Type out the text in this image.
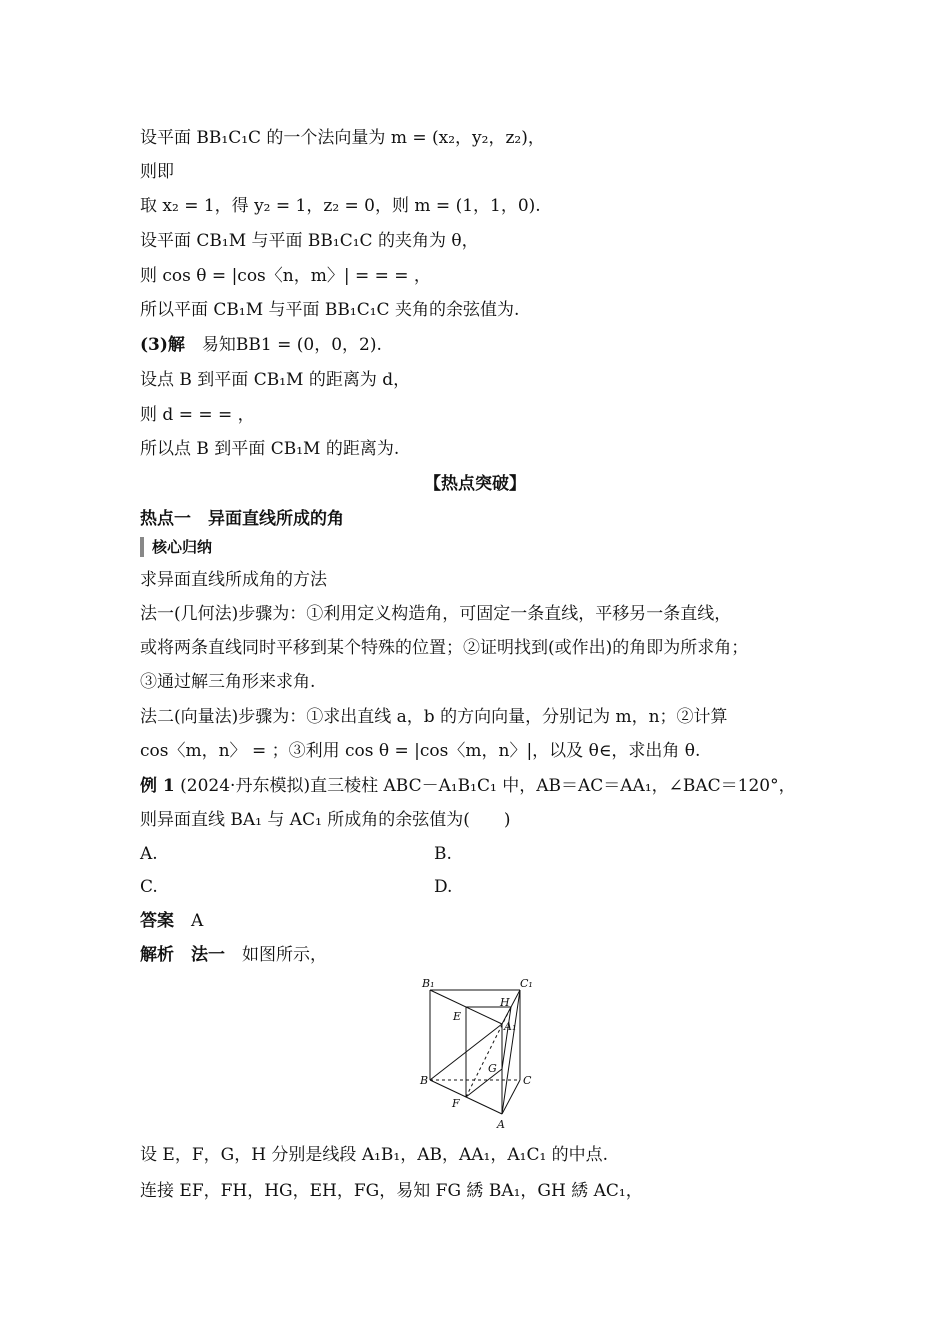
设平面 BB₁C₁C 的一个法向量为 m = (x₂，y₂，z₂)，
则即
取 x₂ = 1，得 y₂ = 1，z₂ = 0，则 m = (1，1，0).
设平面 CB₁M 与平面 BB₁C₁C 的夹角为 θ，
则 cos θ = |cos〈n，m〉| = = = ，
所以平面 CB₁M 与平面 BB₁C₁C 夹角的余弦值为.
(3)解  易知BB1 = (0，0，2).
设点 B 到平面 CB₁M 的距离为 d，
则 d = = = ，
所以点 B 到平面 CB₁M 的距离为.
【热点突破】
热点一　异面直线所成的角
核心归纳
求异面直线所成角的方法
法一(几何法)步骤为：①利用定义构造角，可固定一条直线，平移另一条直线，
或将两条直线同时平移到某个特殊的位置；②证明找到(或作出)的角即为所求角；
③通过解三角形来求角.
法二(向量法)步骤为：①求出直线 a，b 的方向向量，分别记为 m，n；②计算
cos〈m，n〉 = ；③利用 cos θ = |cos〈m，n〉|，以及 θ∈，求出角 θ.
例 1 (2024·丹东模拟)直三棱柱 ABC－A₁B₁C₁ 中，AB＝AC＝AA₁，∠BAC＝120°，
则异面直线 BA₁ 与 AC₁ 所成角的余弦值为(　　)
A.	B.
C.	D.
答案  A
解析  法一  如图所示，
B₁	C₁
H
E
A₁
G
B	C
F
A
设 E，F，G，H 分别是线段 A₁B₁，AB，AA₁，A₁C₁ 的中点.
连接 EF，FH，HG，EH，FG，易知 FG 綉 BA₁，GH 綉 AC₁，
